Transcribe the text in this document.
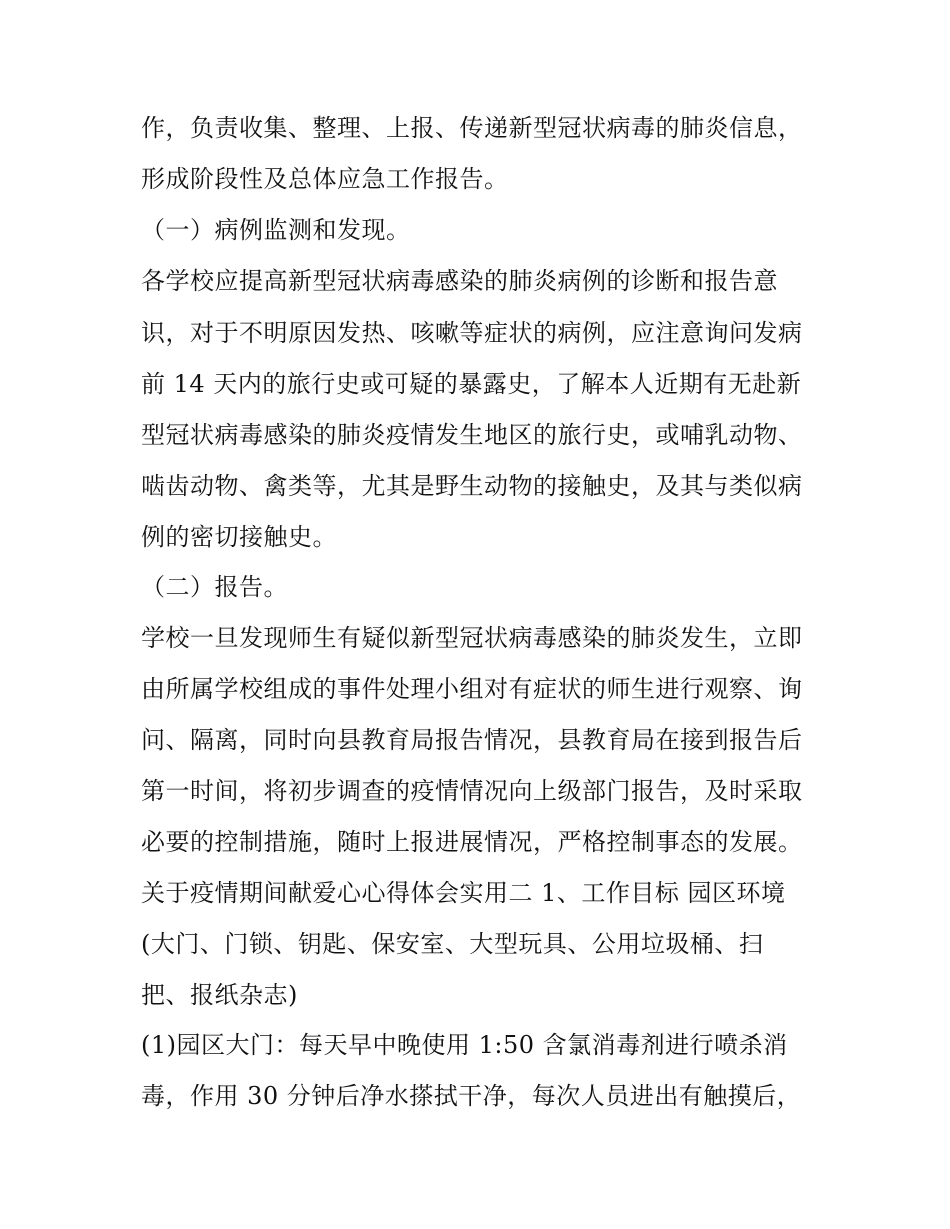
作，负责收集、整理、上报、传递新型冠状病毒的肺炎信息，
形成阶段性及总体应急工作报告。
（一）病例监测和发现。
各学校应提高新型冠状病毒感染的肺炎病例的诊断和报告意
识，对于不明原因发热、咳嗽等症状的病例，应注意询问发病
前 14 天内的旅行史或可疑的暴露史，了解本人近期有无赴新
型冠状病毒感染的肺炎疫情发生地区的旅行史，或哺乳动物、
啮齿动物、禽类等，尤其是野生动物的接触史，及其与类似病
例的密切接触史。
（二）报告。
学校一旦发现师生有疑似新型冠状病毒感染的肺炎发生，立即
由所属学校组成的事件处理小组对有症状的师生进行观察、询
问、隔离，同时向县教育局报告情况，县教育局在接到报告后
第一时间，将初步调查的疫情情况向上级部门报告，及时采取
必要的控制措施，随时上报进展情况，严格控制事态的发展。
关于疫情期间献爱心心得体会实用二 1、工作目标 园区环境
(大门、门锁、钥匙、保安室、大型玩具、公用垃圾桶、扫
把、报纸杂志)
(1)园区大门：每天早中晚使用 1:50 含氯消毒剂进行喷杀消
毒，作用 30 分钟后净水搽拭干净，每次人员进出有触摸后，
